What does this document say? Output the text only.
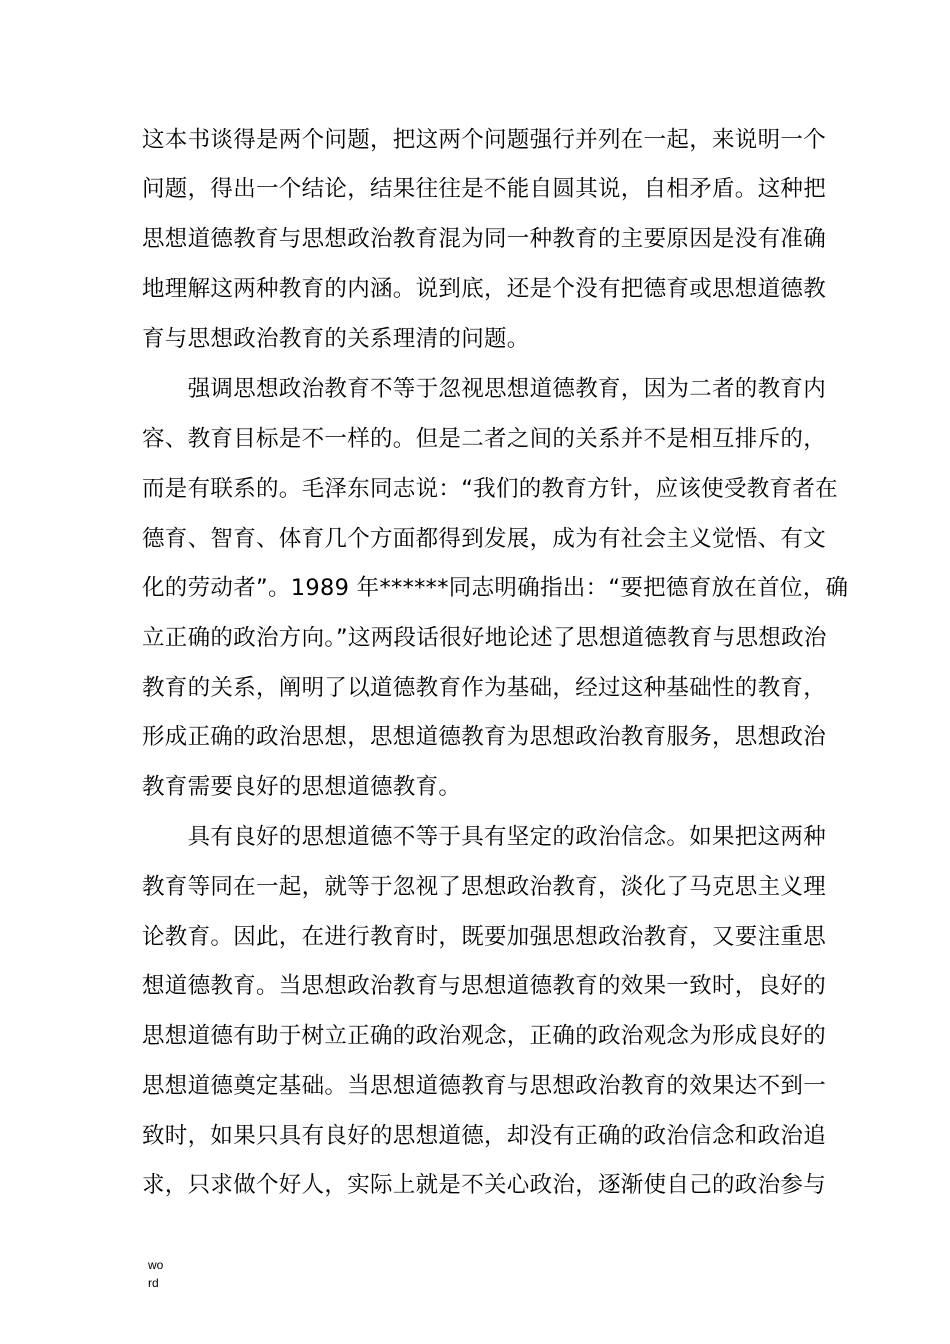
这本书谈得是两个问题，把这两个问题强行并列在一起，来说明一个
问题，得出一个结论，结果往往是不能自圆其说，自相矛盾。这种把
思想道德教育与思想政治教育混为同一种教育的主要原因是没有准确
地理解这两种教育的内涵。说到底，还是个没有把德育或思想道德教
育与思想政治教育的关系理清的问题。
　　强调思想政治教育不等于忽视思想道德教育，因为二者的教育内
容、教育目标是不一样的。但是二者之间的关系并不是相互排斥的，
而是有联系的。毛泽东同志说：“我们的教育方针，应该使受教育者在
德育、智育、体育几个方面都得到发展，成为有社会主义觉悟、有文
化的劳动者”。1989 年******同志明确指出：“要把德育放在首位，确
立正确的政治方向。”这两段话很好地论述了思想道德教育与思想政治
教育的关系，阐明了以道德教育作为基础，经过这种基础性的教育，
形成正确的政治思想，思想道德教育为思想政治教育服务，思想政治
教育需要良好的思想道德教育。
　　具有良好的思想道德不等于具有坚定的政治信念。如果把这两种
教育等同在一起，就等于忽视了思想政治教育，淡化了马克思主义理
论教育。因此，在进行教育时，既要加强思想政治教育，又要注重思
想道德教育。当思想政治教育与思想道德教育的效果一致时，良好的
思想道德有助于树立正确的政治观念，正确的政治观念为形成良好的
思想道德奠定基础。当思想道德教育与思想政治教育的效果达不到一
致时，如果只具有良好的思想道德，却没有正确的政治信念和政治追
求，只求做个好人，实际上就是不关心政治，逐渐使自己的政治参与
wo
rd
